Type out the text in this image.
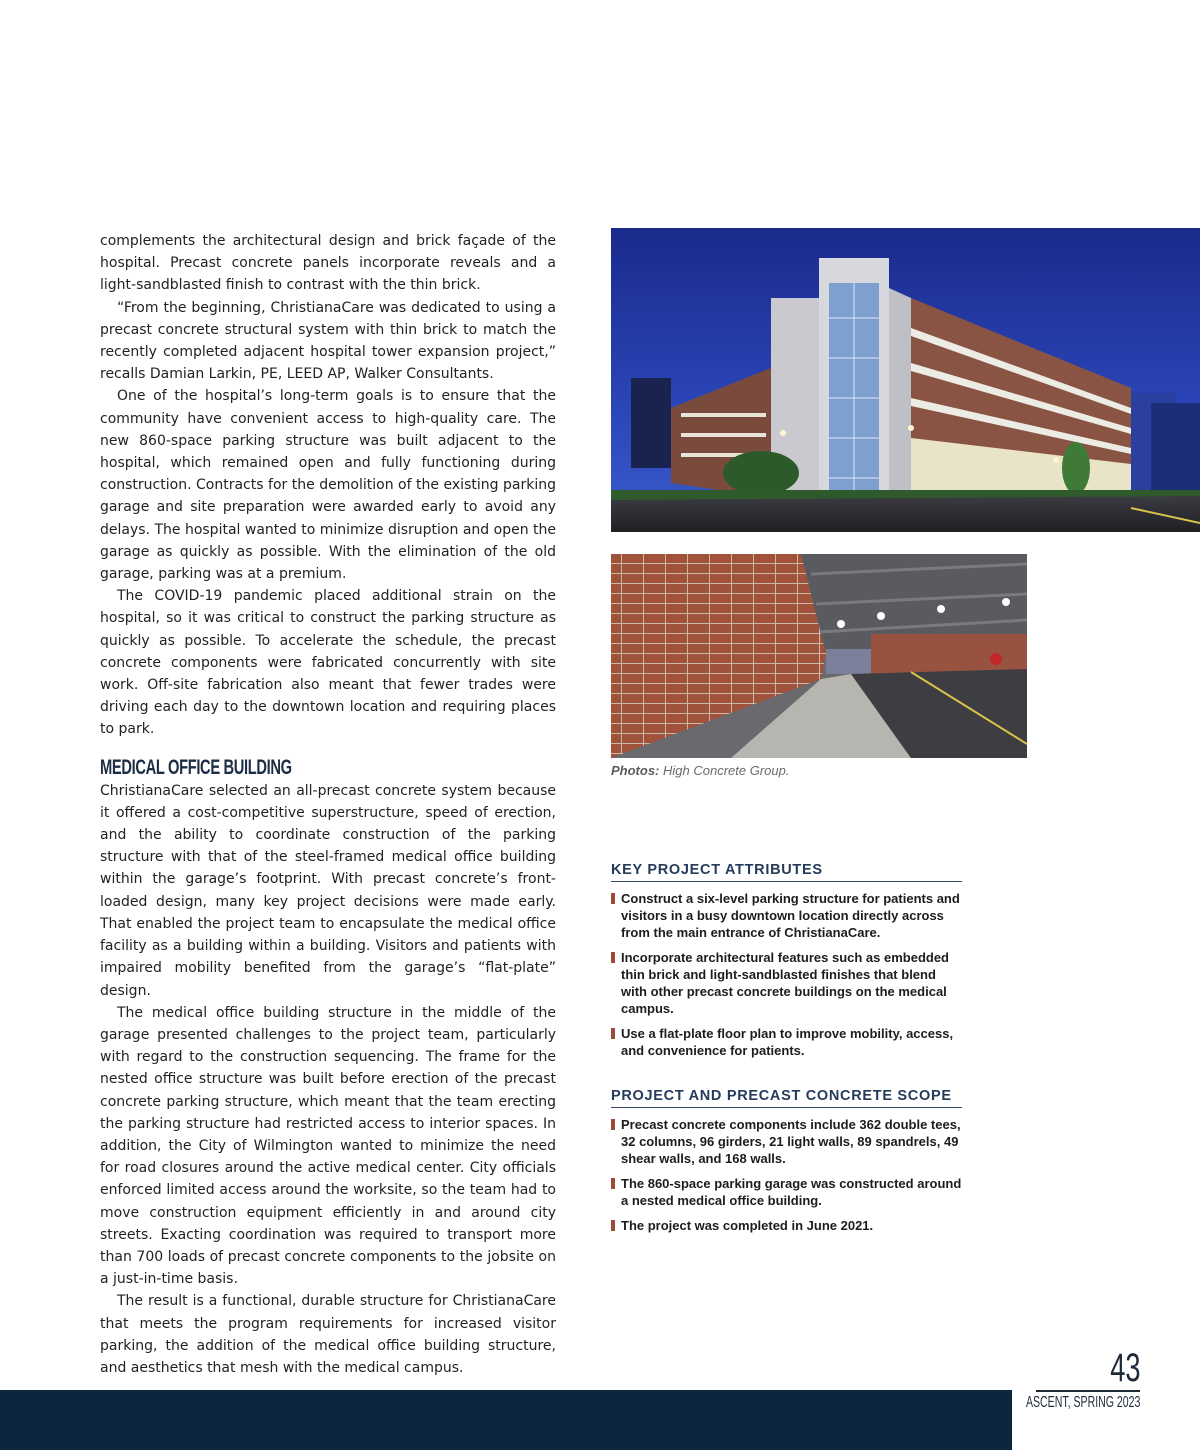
complements the architectural design and brick façade of the hospital. Precast concrete panels incorporate reveals and a light-sandblasted finish to contrast with the thin brick.

“From the beginning, ChristianaCare was dedicated to using a precast concrete structural system with thin brick to match the recently completed adjacent hospital tower expansion project,” recalls Damian Larkin, PE, LEED AP, Walker Consultants.

One of the hospital’s long-term goals is to ensure that the community have convenient access to high-quality care. The new 860-space parking structure was built adjacent to the hospital, which remained open and fully functioning during construction. Contracts for the demolition of the existing parking garage and site preparation were awarded early to avoid any delays. The hospital wanted to minimize disruption and open the garage as quickly as possible. With the elimination of the old garage, parking was at a premium.

The COVID-19 pandemic placed additional strain on the hospital, so it was critical to construct the parking structure as quickly as possible. To accelerate the schedule, the precast concrete components were fabricated concurrently with site work. Off-site fabrication also meant that fewer trades were driving each day to the downtown location and requiring places to park.

MEDICAL OFFICE BUILDING

ChristianaCare selected an all-precast concrete system because it offered a cost-competitive superstructure, speed of erection, and the ability to coordinate construction of the parking structure with that of the steel-framed medical office building within the garage’s footprint. With precast concrete’s front-loaded design, many key project decisions were made early. That enabled the project team to encapsulate the medical office facility as a building within a building. Visitors and patients with impaired mobility benefited from the garage’s “flat-plate” design.

The medical office building structure in the middle of the garage presented challenges to the project team, particularly with regard to the construction sequencing. The frame for the nested office structure was built before erection of the precast concrete parking structure, which meant that the team erecting the parking structure had restricted access to interior spaces. In addition, the City of Wilmington wanted to minimize the need for road closures around the active medical center. City officials enforced limited access around the worksite, so the team had to move construction equipment efficiently in and around city streets. Exacting coordination was required to transport more than 700 loads of precast concrete components to the jobsite on a just-in-time basis.

The result is a functional, durable structure for ChristianaCare that meets the program requirements for increased visitor parking, the addition of the medical office building structure, and aesthetics that mesh with the medical campus.

Photos: High Concrete Group.
KEY PROJECT ATTRIBUTES
Construct a six-level parking structure for patients and visitors in a busy downtown location directly across from the main entrance of ChristianaCare.
Incorporate architectural features such as embedded thin brick and light-sandblasted finishes that blend with other precast concrete buildings on the medical campus.
Use a flat-plate floor plan to improve mobility, access, and convenience for patients.
PROJECT AND PRECAST CONCRETE SCOPE
Precast concrete components include 362 double tees, 32 columns, 96 girders, 21 light walls, 89 spandrels, 49 shear walls, and 168 walls.
The 860-space parking garage was constructed around a nested medical office building.
The project was completed in June 2021.
43
ASCENT, SPRING 2023
